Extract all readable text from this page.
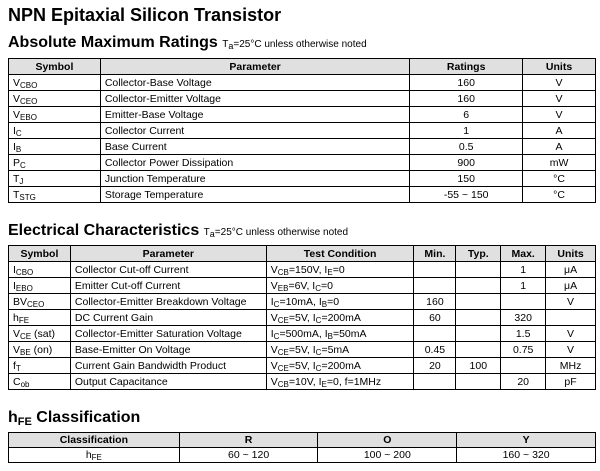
NPN Epitaxial Silicon Transistor
Absolute Maximum Ratings $T_a=25^\circ C$ unless otherwise noted
Symbol	Parameter	Ratings	Units
$V_{CBO}$	Collector-Base Voltage	160	V
$V_{CEO}$	Collector-Emitter Voltage	160	V
$V_{EBO}$	Emitter-Base Voltage	6	V
$I_C$	Collector Current	1	A
$I_B$	Base Current	0.5	A
$P_C$	Collector Power Dissipation	900	mW
$T_J$	Junction Temperature	150	°C
$T_{STG}$	Storage Temperature	-55 ~ 150	°C
Electrical Characteristics $T_a=25^\circ C$ unless otherwise noted
Symbol	Parameter	Test Condition	Min.	Typ.	Max.	Units
$I_{CBO}$	Collector Cut-off Current	$V_{CB}=150V$, $I_E=0$			1	μA
$I_{EBO}$	Emitter Cut-off Current	$V_{EB}=6V$, $I_C=0$			1	μA
$BV_{CEO}$	Collector-Emitter Breakdown Voltage	$I_C=10mA$, $I_B=0$	160			V
$h_{FE}$	DC Current Gain	$V_{CE}=5V$, $I_C=200mA$	60		320	
$V_{CE}$ (sat)	Collector-Emitter Saturation Voltage	$I_C=500mA$, $I_B=50mA$			1.5	V
$V_{BE}$ (on)	Base-Emitter On Voltage	$V_{CE}=5V$, $I_C=5mA$	0.45		0.75	V
$f_T$	Current Gain Bandwidth Product	$V_{CE}=5V$, $I_C=200mA$	20	100		MHz
$C_{ob}$	Output Capacitance	$V_{CB}=10V$, $I_E=0$, f=1MHz			20	pF
$h_{FE}$ Classification
Classification	R	O	Y
$h_{FE}$	60 ~ 120	100 ~ 200	160 ~ 320
